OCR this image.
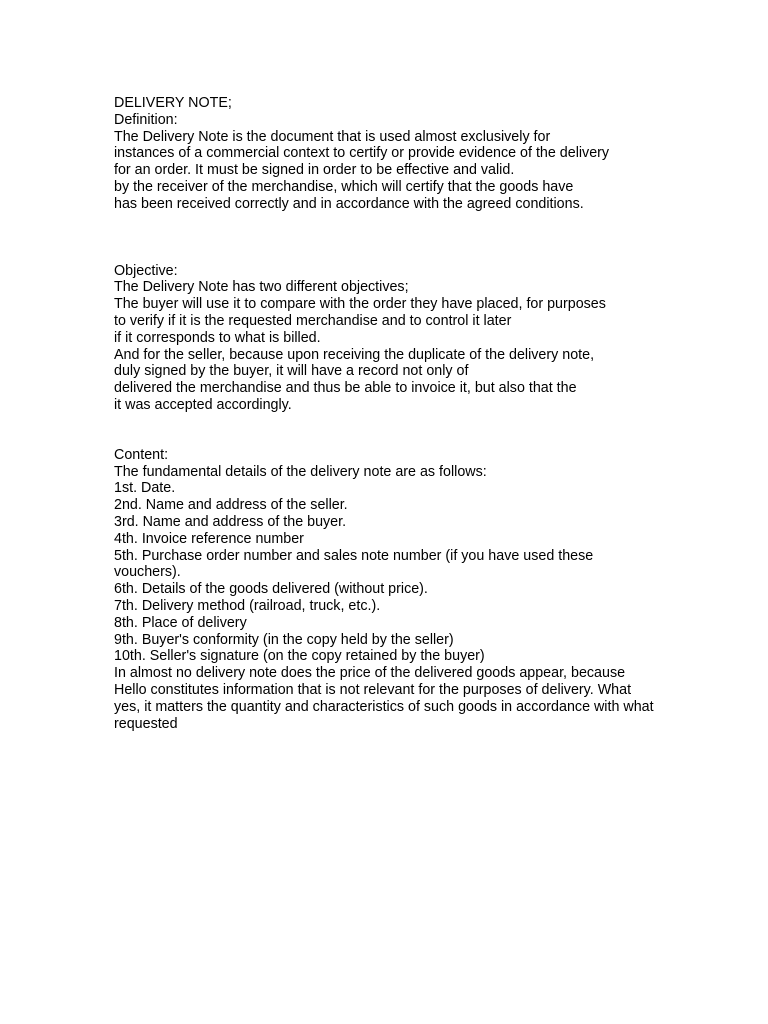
DELIVERY NOTE;
Definition:
The Delivery Note is the document that is used almost exclusively for
instances of a commercial context to certify or provide evidence of the delivery
for an order. It must be signed in order to be effective and valid.
by the receiver of the merchandise, which will certify that the goods have
has been received correctly and in accordance with the agreed conditions.
Objective:
The Delivery Note has two different objectives;
The buyer will use it to compare with the order they have placed, for purposes
to verify if it is the requested merchandise and to control it later
if it corresponds to what is billed.
And for the seller, because upon receiving the duplicate of the delivery note,
duly signed by the buyer, it will have a record not only of
delivered the merchandise and thus be able to invoice it, but also that the
it was accepted accordingly.
Content:
The fundamental details of the delivery note are as follows:
1st. Date.
2nd. Name and address of the seller.
3rd. Name and address of the buyer.
4th. Invoice reference number
5th. Purchase order number and sales note number (if you have used these
vouchers).
6th. Details of the goods delivered (without price).
7th. Delivery method (railroad, truck, etc.).
8th. Place of delivery
9th. Buyer's conformity (in the copy held by the seller)
10th. Seller's signature (on the copy retained by the buyer)
In almost no delivery note does the price of the delivered goods appear, because
Hello constitutes information that is not relevant for the purposes of delivery. What
yes, it matters the quantity and characteristics of such goods in accordance with what
requested
